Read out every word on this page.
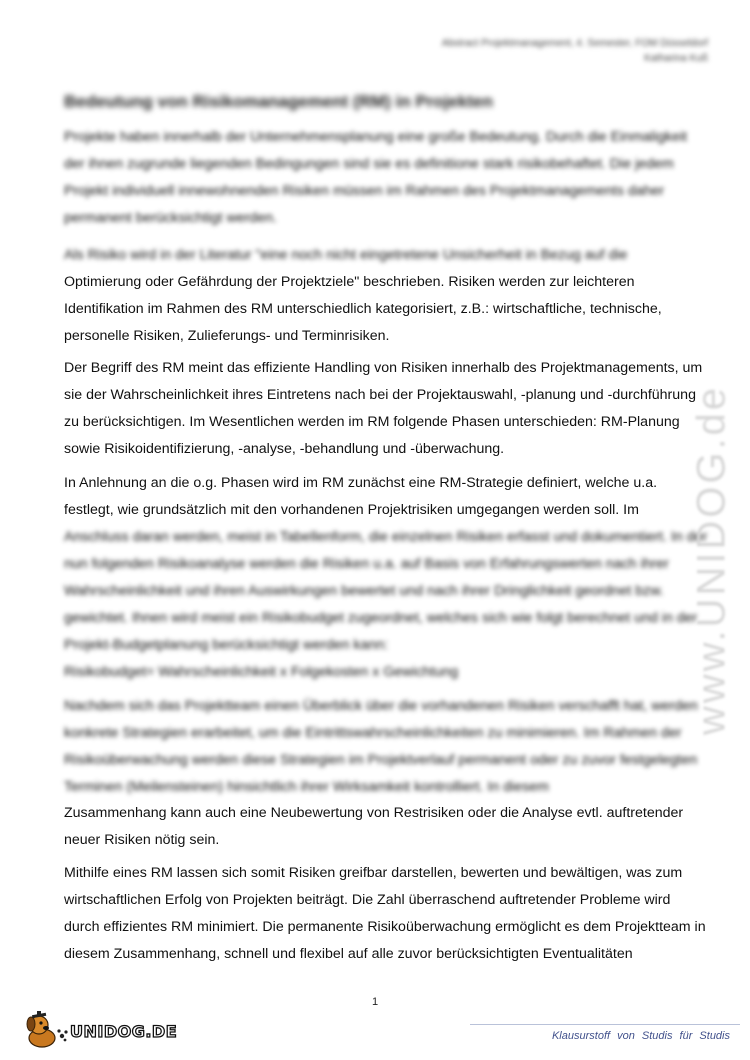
Abstract Projektmanagement, 4. Semester, FOM Düsseldorf
Katharina Kuß
Bedeutung von Risikomanagement (RM) in Projekten

Projekte haben innerhalb der Unternehmensplanung eine große Bedeutung. Durch die Einmaligkeit der ihnen zugrunde liegenden Bedingungen sind sie es definitione stark risikobehaftet. Die jedem Projekt individuell innewohnenden Risiken müssen im Rahmen des Projektmanagements daher permanent berücksichtigt werden.

Als Risiko wird in der Literatur "eine noch nicht eingetretene Unsicherheit in Bezug auf die

Optimierung oder Gefährdung der Projektziele" beschrieben. Risiken werden zur leichteren Identifikation im Rahmen des RM unterschiedlich kategorisiert, z.B.: wirtschaftliche, technische, personelle Risiken, Zulieferungs- und Terminrisiken.

Der Begriff des RM meint das effiziente Handling von Risiken innerhalb des Projektmanagements, um sie der Wahrscheinlichkeit ihres Eintretens nach bei der Projektauswahl, -planung und -durchführung zu berücksichtigen. Im Wesentlichen werden im RM folgende Phasen unterschieden: RM-Planung sowie Risikoidentifizierung, -analyse, -behandlung und -überwachung.

In Anlehnung an die o.g. Phasen wird im RM zunächst eine RM-Strategie definiert, welche u.a. festlegt, wie grundsätzlich mit den vorhandenen Projektrisiken umgegangen werden soll. Im

Anschluss daran werden, meist in Tabellenform, die einzelnen Risiken erfasst und dokumentiert. In der nun folgenden Risikoanalyse werden die Risiken u.a. auf Basis von Erfahrungswerten nach ihrer Wahrscheinlichkeit und ihren Auswirkungen bewertet und nach ihrer Dringlichkeit geordnet bzw. gewichtet. Ihnen wird meist ein Risikobudget zugeordnet, welches sich wie folgt berechnet und in der Projekt-Budgetplanung berücksichtigt werden kann:

Risikobudget= Wahrscheinlichkeit x Folgekosten x Gewichtung

Nachdem sich das Projektteam einen Überblick über die vorhandenen Risiken verschafft hat, werden konkrete Strategien erarbeitet, um die Eintrittswahrscheinlichkeiten zu minimieren. Im Rahmen der Risikoüberwachung werden diese Strategien im Projektverlauf permanent oder zu zuvor festgelegten Terminen (Meilensteinen) hinsichtlich ihrer Wirksamkeit kontrolliert. In diesem

Zusammenhang kann auch eine Neubewertung von Restrisiken oder die Analyse evtl. auftretender neuer Risiken nötig sein.

Mithilfe eines RM lassen sich somit Risiken greifbar darstellen, bewerten und bewältigen, was zum wirtschaftlichen Erfolg von Projekten beiträgt. Die Zahl überraschend auftretender Probleme wird durch effizientes RM minimiert. Die permanente Risikoüberwachung ermöglicht es dem Projektteam in diesem Zusammenhang, schnell und flexibel auf alle zuvor berücksichtigten Eventualitäten

1
www.UNIDOG.de
UNIDOG.DE	Klausurstoff von Studis für Studis
